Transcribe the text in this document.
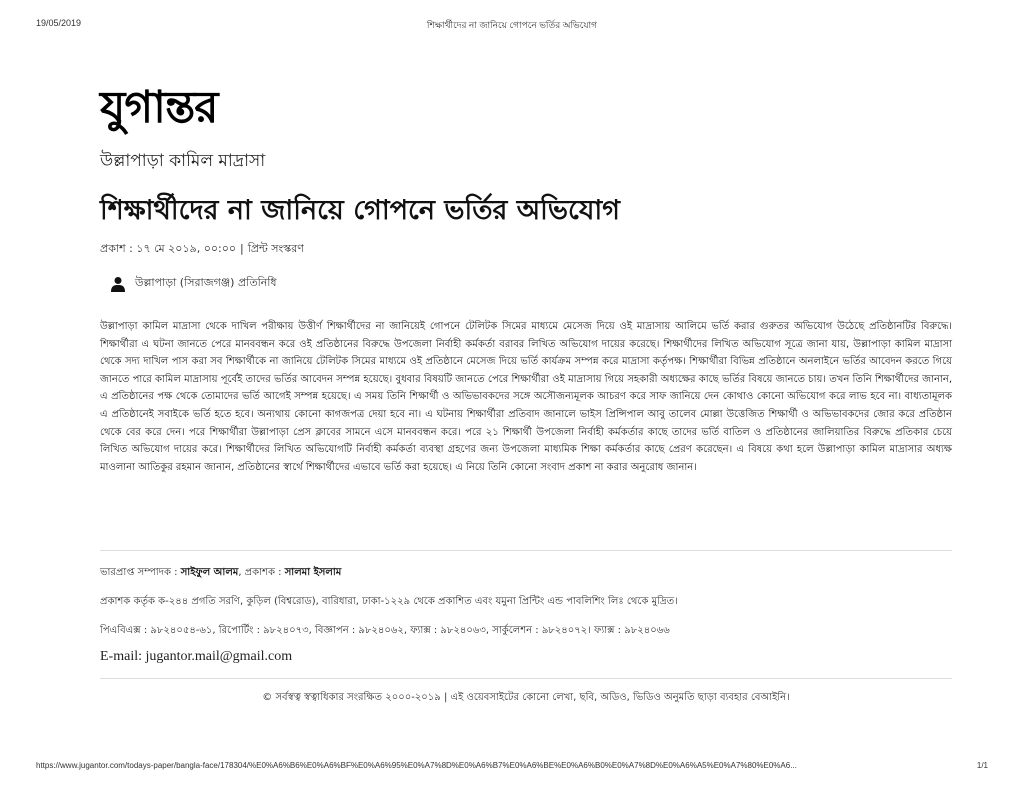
19/05/2019	শিক্ষার্থীদের না জানিয়ে গোপনে ভর্তির অভিযোগ
যুগান্তর
উল্লাপাড়া কামিল মাদ্রাসা
শিক্ষার্থীদের না জানিয়ে গোপনে ভর্তির অভিযোগ
প্রকাশ : ১৭ মে ২০১৯, ০০:০০ | প্রিন্ট সংস্করণ
উল্লাপাড়া (সিরাজগঞ্জ) প্রতিনিধি
উল্লাপাড়া কামিল মাদ্রাসা থেকে দাখিল পরীক্ষায় উত্তীর্ণ শিক্ষার্থীদের না জানিয়েই গোপনে টেলিটক সিমের মাধ্যমে মেসেজ দিয়ে ওই মাদ্রাসায় আলিমে ভর্তি করার গুরুতর অভিযোগ উঠেছে প্রতিষ্ঠানটির বিরুদ্ধে। শিক্ষার্থীরা এ ঘটনা জানতে পেরে মানববন্ধন করে ওই প্রতিষ্ঠানের বিরুদ্ধে উপজেলা নির্বাহী কর্মকর্তা বরাবর লিখিত অভিযোগ দায়ের করেছে। শিক্ষার্থীদের লিখিত অভিযোগ সূত্রে জানা যায়, উল্লাপাড়া কামিল মাদ্রাসা থেকে সদ্য দাখিল পাস করা সব শিক্ষার্থীকে না জানিয়ে টেলিটক সিমের মাধ্যমে ওই প্রতিষ্ঠানে মেসেজ দিয়ে ভর্তি কার্যক্রম সম্পন্ন করে মাদ্রাসা কর্তৃপক্ষ। শিক্ষার্থীরা বিভিন্ন প্রতিষ্ঠানে অনলাইনে ভর্তির আবেদন করতে গিয়ে জানতে পারে কামিল মাদ্রাসায় পূর্বেই তাদের ভর্তির আবেদন সম্পন্ন হয়েছে। বুধবার বিষয়টি জানতে পেরে শিক্ষার্থীরা ওই মাদ্রাসায় গিয়ে সহকারী অধ্যক্ষের কাছে ভর্তির বিষয়ে জানতে চায়। তখন তিনি শিক্ষার্থীদের জানান, এ প্রতিষ্ঠানের পক্ষ থেকে তোমাদের ভর্তি আগেই সম্পন্ন হয়েছে। এ সময় তিনি শিক্ষার্থী ও অভিভাবকদের সঙ্গে অসৌজন্যমূলক আচরণ করে সাফ জানিয়ে দেন কোথাও কোনো অভিযোগ করে লাভ হবে না। বাধ্যতামূলক এ প্রতিষ্ঠানেই সবাইকে ভর্তি হতে হবে। অন্যথায় কোনো কাগজপত্র দেয়া হবে না। এ ঘটনায় শিক্ষার্থীরা প্রতিবাদ জানালে ভাইস প্রিন্সিপাল আবু তালেব মোল্লা উত্তেজিত শিক্ষার্থী ও অভিভাবকদের জোর করে প্রতিষ্ঠান থেকে বের করে দেন। পরে শিক্ষার্থীরা উল্লাপাড়া প্রেস ক্লাবের সামনে এসে মানববন্ধন করে। পরে ২১ শিক্ষার্থী উপজেলা নির্বাহী কর্মকর্তার কাছে তাদের ভর্তি বাতিল ও প্রতিষ্ঠানের জালিয়াতির বিরুদ্ধে প্রতিকার চেয়ে লিখিত অভিযোগ দায়ের করে। শিক্ষার্থীদের লিখিত অভিযোগটি নির্বাহী কর্মকর্তা ব্যবস্থা গ্রহণের জন্য উপজেলা মাধ্যমিক শিক্ষা কর্মকর্তার কাছে প্রেরণ করেছেন। এ বিষয়ে কথা হলে উল্লাপাড়া কামিল মাদ্রাসার অধ্যক্ষ মাওলানা আতিকুর রহমান জানান, প্রতিষ্ঠানের স্বার্থে শিক্ষার্থীদের এভাবে ভর্তি করা হয়েছে। এ নিয়ে তিনি কোনো সংবাদ প্রকাশ না করার অনুরোধ জানান।
ভারপ্রাপ্ত সম্পাদক : সাইফুল আলম, প্রকাশক : সালমা ইসলাম
প্রকাশক কর্তৃক ক-২৪৪ প্রগতি সরণি, কুড়িল (বিশ্বরোড), বারিধারা, ঢাকা-১২২৯ থেকে প্রকাশিত এবং যমুনা প্রিন্টিং এন্ড পাবলিশিং লিঃ থেকে মুদ্রিত।
পিএবিএক্স : ৯৮২৪০৫৪-৬১, রিপোর্টিং : ৯৮২৪০৭৩, বিজ্ঞাপন : ৯৮২৪০৬২, ফ্যাক্স : ৯৮২৪০৬৩, সার্কুলেশন : ৯৮২৪০৭২। ফ্যাক্স : ৯৮২৪০৬৬
E-mail: jugantor.mail@gmail.com
© সর্বস্বত্ব স্বত্বাধিকার সংরক্ষিত ২০০০-২০১৯ | এই ওয়েবসাইটের কোনো লেখা, ছবি, অডিও, ভিডিও অনুমতি ছাড়া ব্যবহার বেআইনি।
https://www.jugantor.com/todays-paper/bangla-face/178304/%E0%A6%B6%E0%A6%BF%E0%A6%95%E0%A7%8D%E0%A6%B7%E0%A6%BE%E0%A6%B0%E0%A7%8D%E0%A6%A5%E0%A7%80%E0%A6...	1/1
